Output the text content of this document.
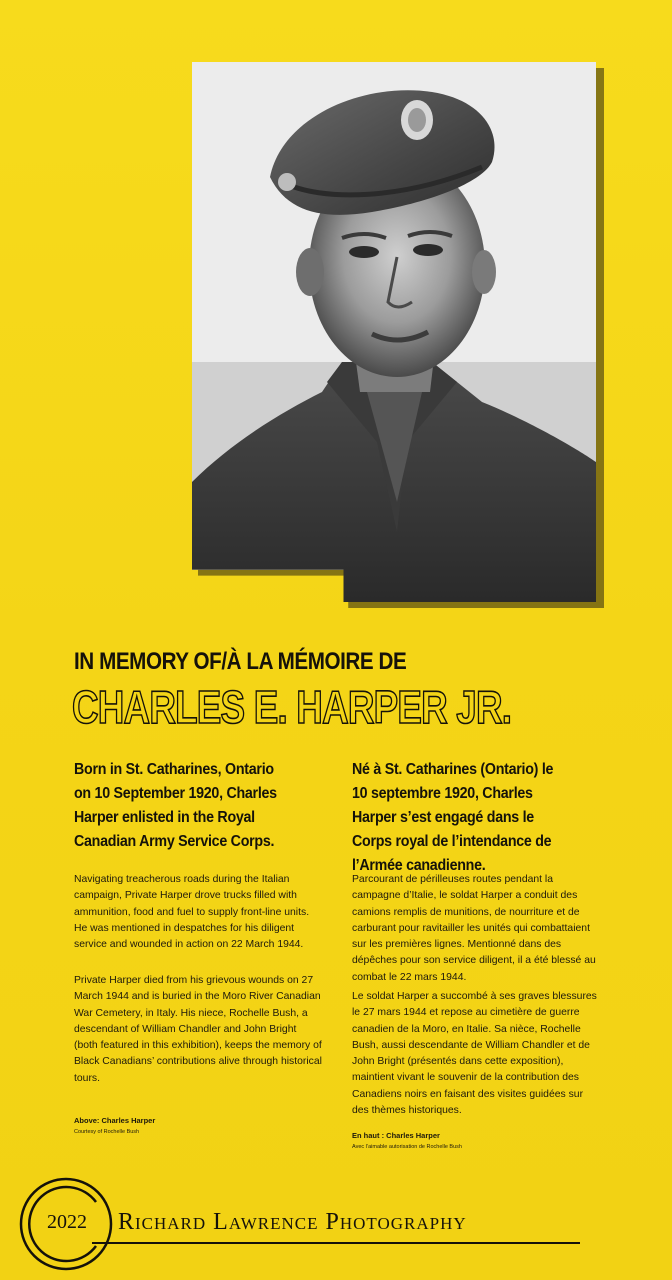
IN MEMORY OF/À LA MÉMOIRE DE
CHARLES E. HARPER JR.
Born in St. Catharines, Ontario on 10 September 1920, Charles Harper enlisted in the Royal Canadian Army Service Corps.
Né à St. Catharines (Ontario) le 10 septembre 1920, Charles Harper s’est engagé dans le Corps royal de l’intendance de l’Armée canadienne.

Navigating treacherous roads during the Italian campaign, Private Harper drove trucks filled with ammunition, food and fuel to supply front-line units. He was mentioned in despatches for his diligent service and wounded in action on 22 March 1944.

Private Harper died from his grievous wounds on 27 March 1944 and is buried in the Moro River Canadian War Cemetery, in Italy. His niece, Rochelle Bush, a descendant of William Chandler and John Bright (both featured in this exhibition), keeps the memory of Black Canadians’ contributions alive through historical tours.

Parcourant de périlleuses routes pendant la campagne d’Italie, le soldat Harper a conduit des camions remplis de munitions, de nourriture et de carburant pour ravitailler les unités qui combattaient sur les premières lignes. Mentionné dans des dépêches pour son service diligent, il a été blessé au combat le 22 mars 1944.

Le soldat Harper a succombé à ses graves blessures le 27 mars 1944 et repose au cimetière de guerre canadien de la Moro, en Italie. Sa nièce, Rochelle Bush, aussi descendante de William Chandler et de John Bright (présentés dans cette exposition), maintient vivant le souvenir de la contribution des Canadiens noirs en faisant des visites guidées sur des thèmes historiques.

Above: Charles Harper
Courtesy of Rochelle Bush	En haut : Charles Harper
Avec l’aimable autorisation de Rochelle Bush
2022	Richard Lawrence Photography
